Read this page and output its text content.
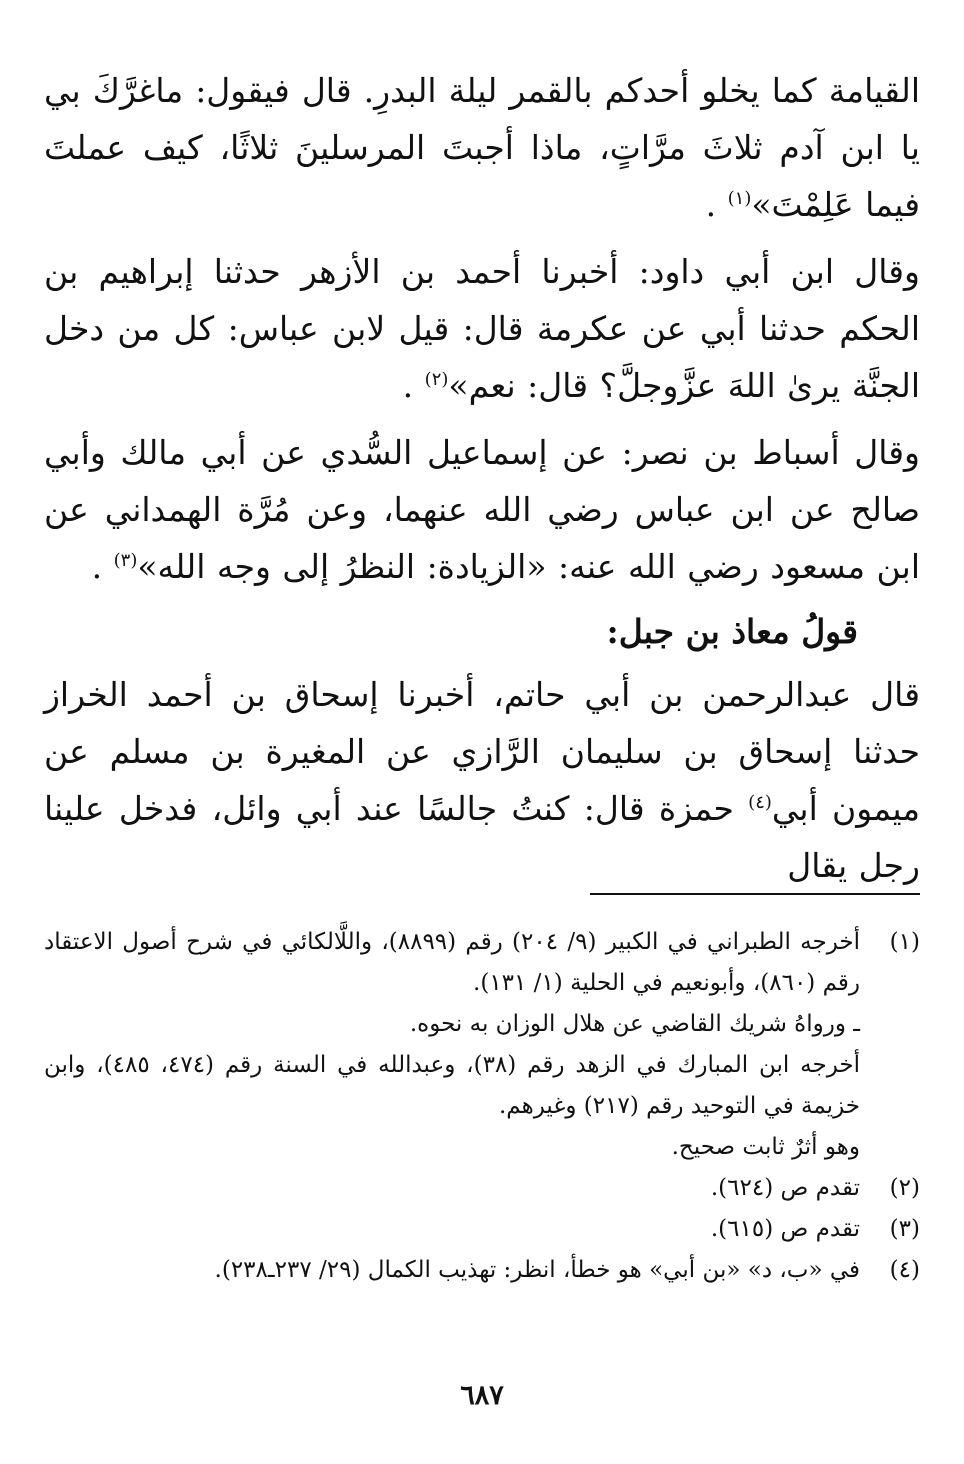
القيامة كما يخلو أحدكم بالقمر ليلة البدرِ. قال فيقول: ماغرَّكَ بي يا ابن آدم ثلاثَ مرَّاتٍ، ماذا أجبتَ المرسلينَ ثلاثًا، كيف عملتَ فيما عَلِمْتَ»$^{(١)}$ .

وقال ابن أبي داود: أخبرنا أحمد بن الأزهر حدثنا إبراهيم بن الحكم حدثنا أبي عن عكرمة قال: قيل لابن عباس: كل من دخل الجنَّة يرىٰ اللهَ عزَّوجلَّ؟ قال: نعم»$^{(٢)}$ .

وقال أسباط بن نصر: عن إسماعيل السُّدي عن أبي مالك وأبي صالح عن ابن عباس رضي الله عنهما، وعن مُرَّة الهمداني عن ابن مسعود رضي الله عنه: «الزيادة: النظرُ إلى وجه الله»$^{(٣)}$ .

قولُ معاذ بن جبل:

قال عبدالرحمن بن أبي حاتم، أخبرنا إسحاق بن أحمد الخراز حدثنا إسحاق بن سليمان الرَّازي عن المغيرة بن مسلم عن ميمون أبي$^{(٤)}$ حمزة قال: كنتُ جالسًا عند أبي وائل، فدخل علينا رجل يقال

(١)
أخرجه الطبراني في الكبير (٩/ ٢٠٤) رقم (٨٨٩٩)، واللَّالكائي في شرح أصول الاعتقاد رقم (٨٦٠)، وأبونعيم في الحلية (١/ ١٣١).

ـ ورواهُ شريك القاضي عن هلال الوزان به نحوه.

أخرجه ابن المبارك في الزهد رقم (٣٨)، وعبدالله في السنة رقم (٤٧٤، ٤٨٥)، وابن خزيمة في التوحيد رقم (٢١٧) وغيرهم.

وهو أثرٌ ثابت صحيح.

(٢)
تقدم ص (٦٢٤).
(٣)
تقدم ص (٦١٥).
(٤)
في «ب، د» «بن أبي» هو خطأ، انظر: تهذيب الكمال (٢٩/ ٢٣٧ـ٢٣٨).
٦٨٧
